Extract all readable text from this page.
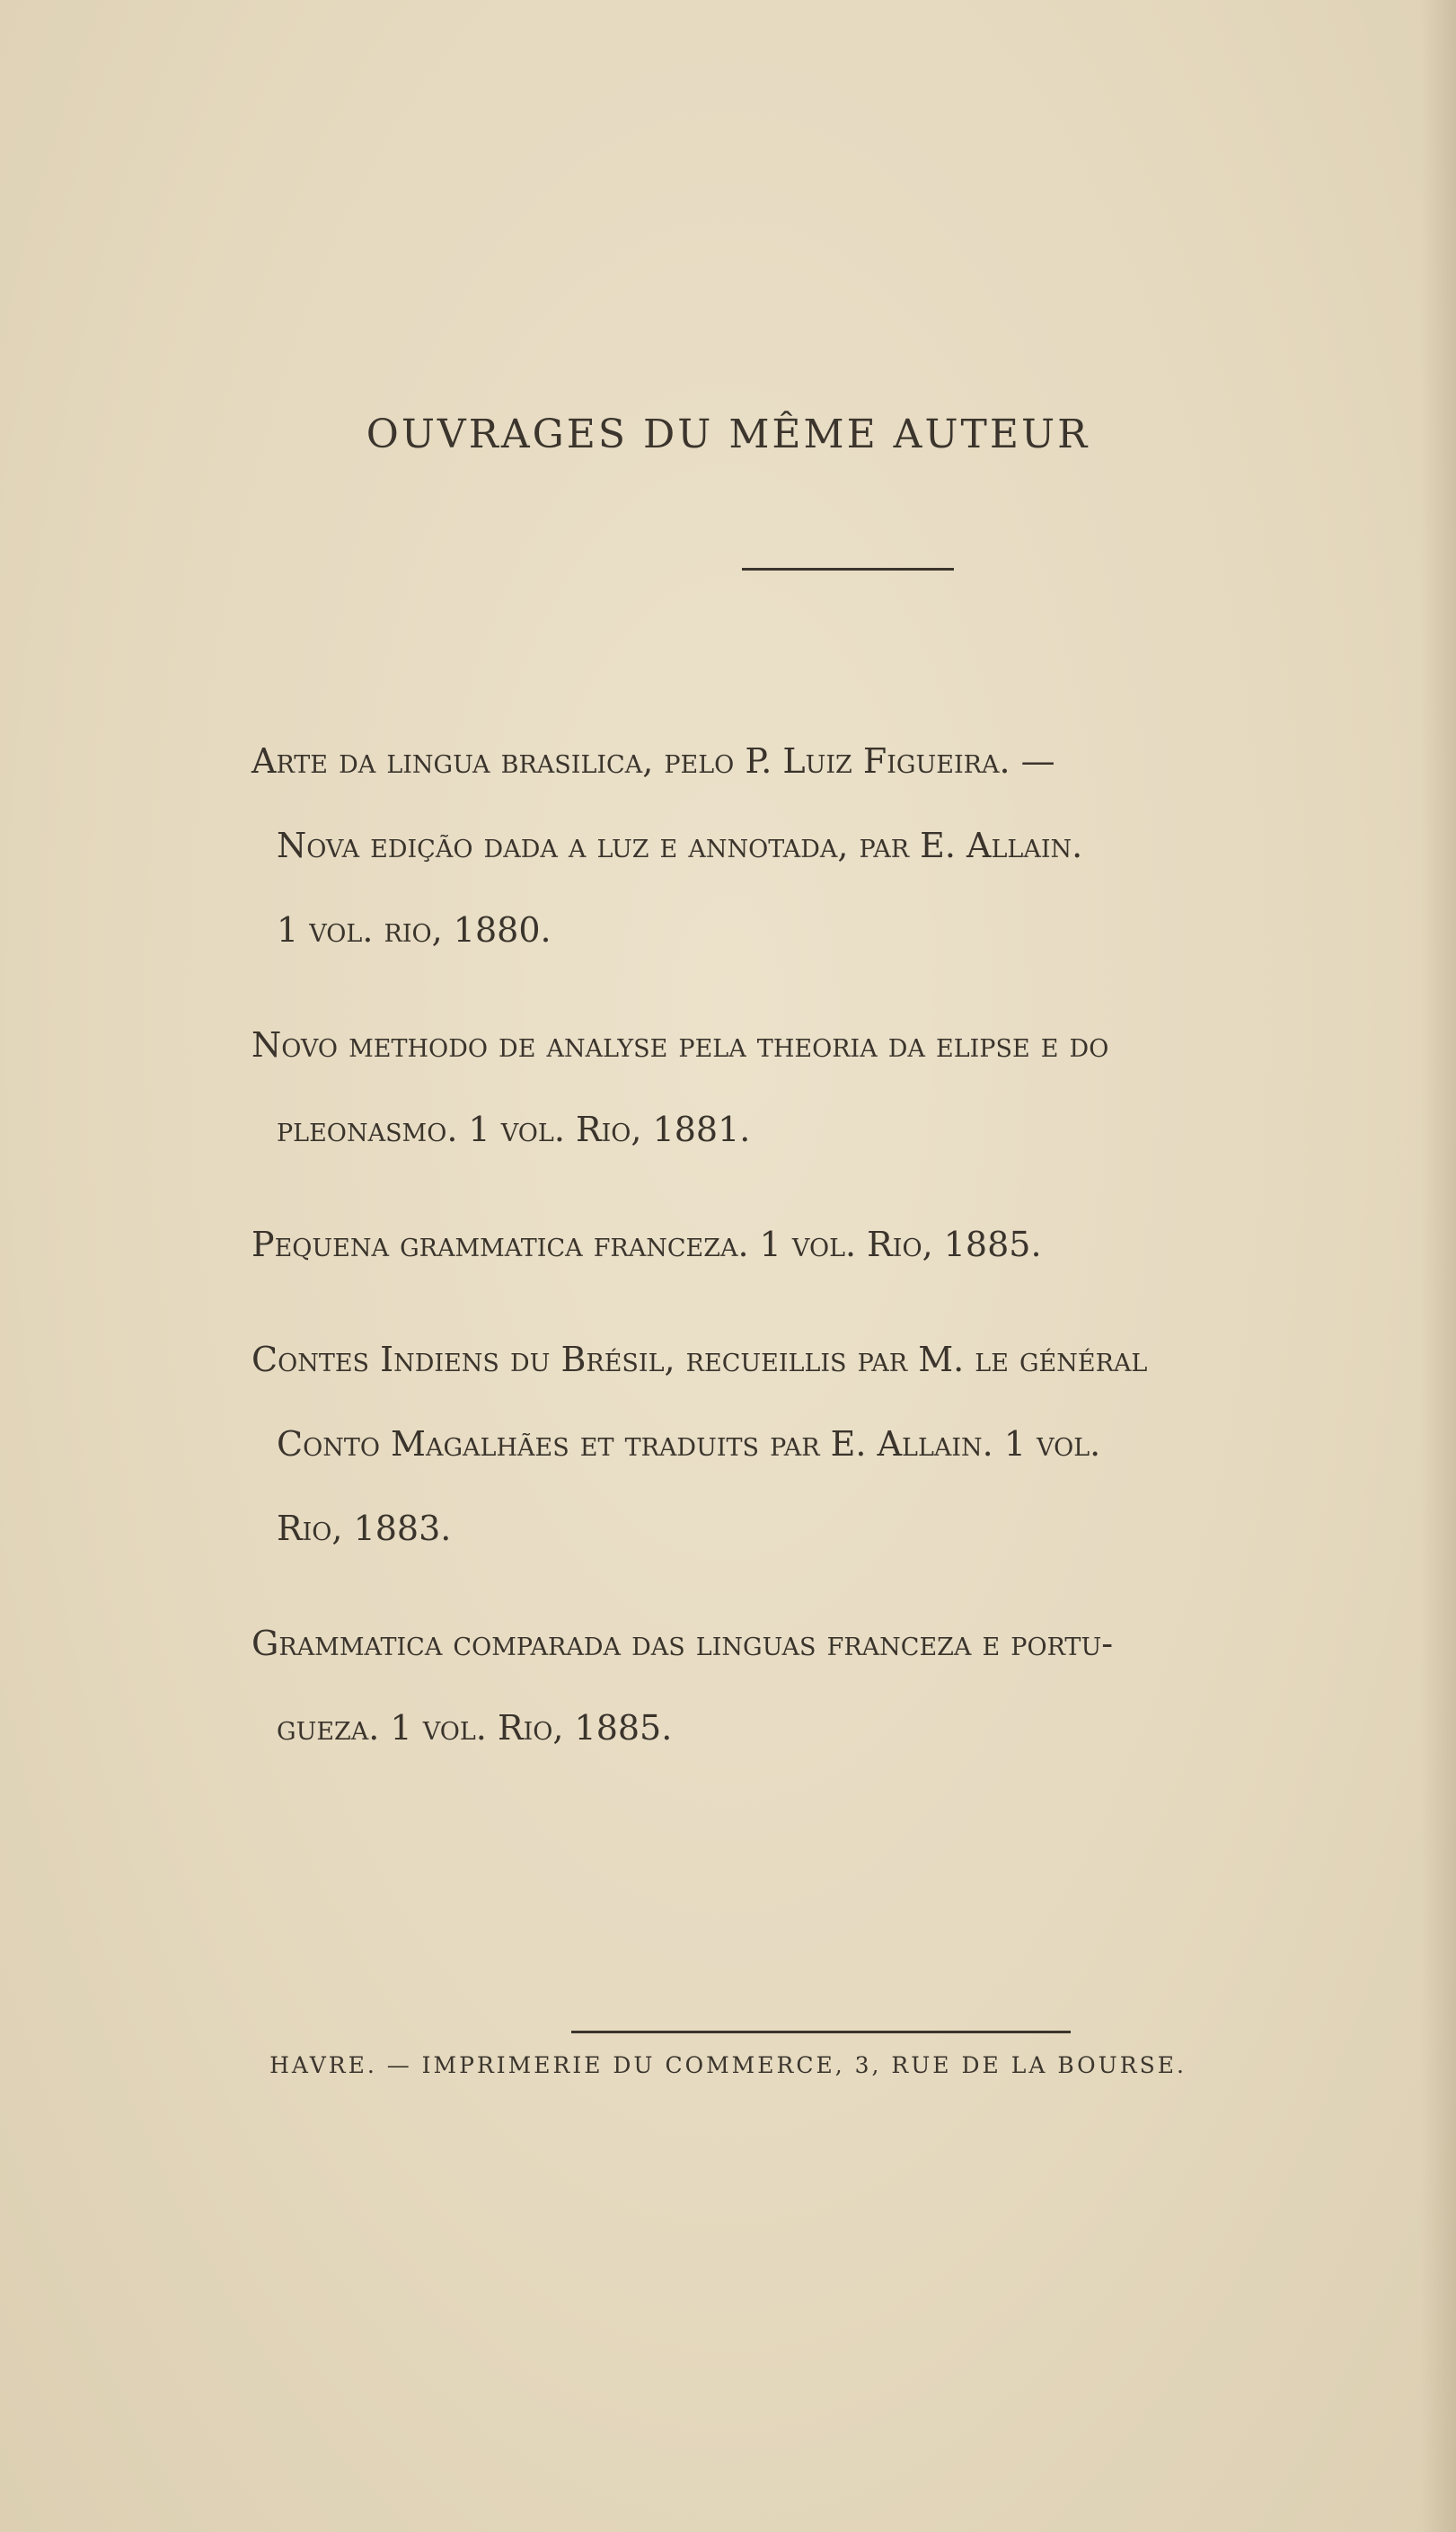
OUVRAGES DU MÊME AUTEUR
Arte da lingua brasilica, pelo P. Luiz Figueira. —
Nova edição dada a luz e annotada, par E. Allain.
1 vol. rio, 1880.
Novo methodo de analyse pela theoria da elipse e do
pleonasmo. 1 vol. Rio, 1881.
Pequena grammatica franceza. 1 vol. Rio, 1885.
Contes Indiens du Brésil, recueillis par M. le général
Conto Magalhães et traduits par E. Allain. 1 vol.
Rio, 1883.
Grammatica comparada das linguas franceza e portu-
gueza. 1 vol. Rio, 1885.
HAVRE. — IMPRIMERIE DU COMMERCE, 3, RUE DE LA BOURSE.
